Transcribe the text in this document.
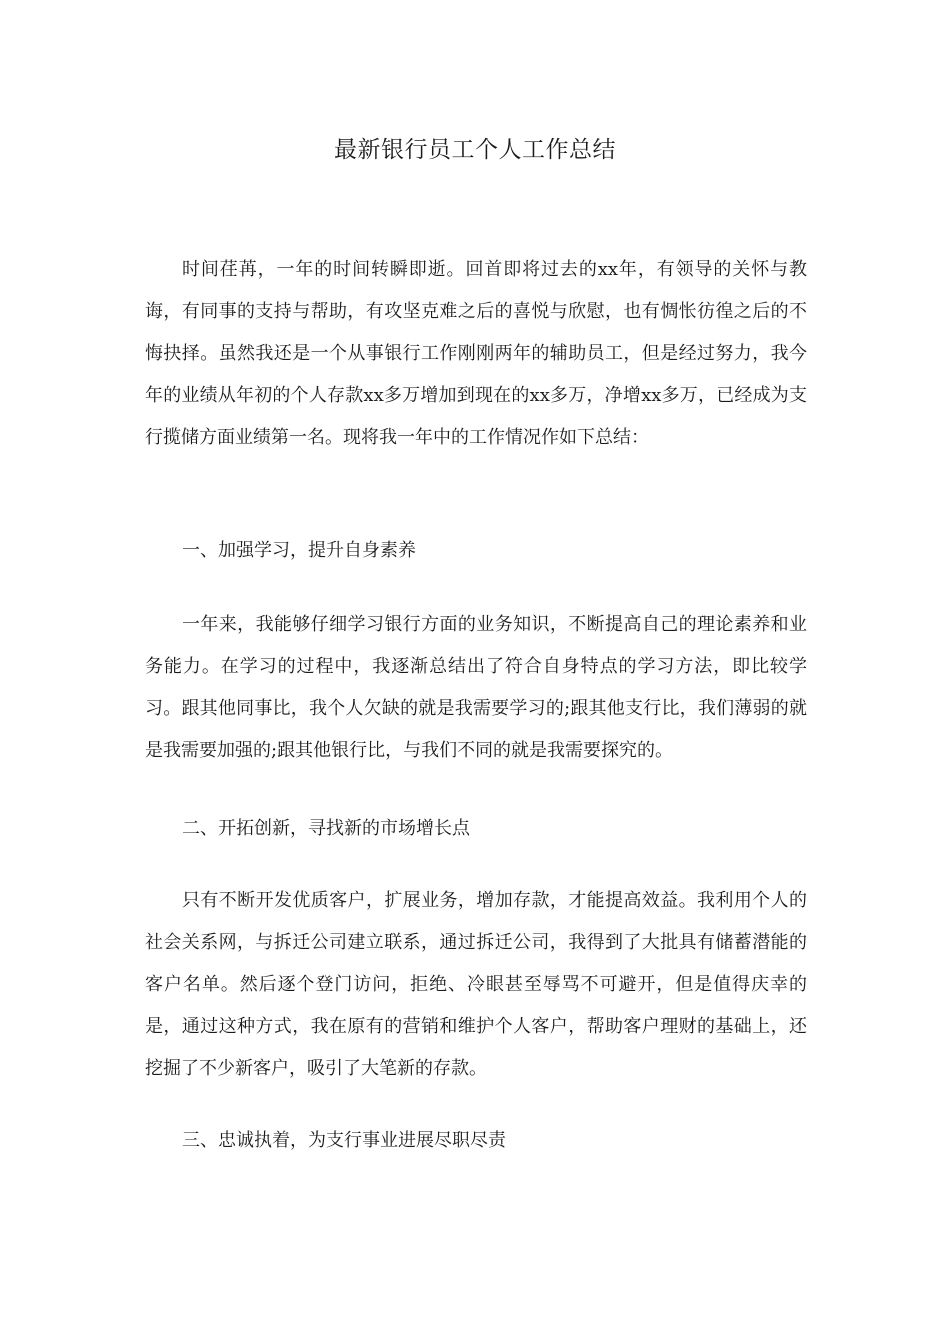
最新银行员工个人工作总结

时间荏苒，一年的时间转瞬即逝。回首即将过去的xx年，有领导的关怀与教诲，有同事的支持与帮助，有攻坚克难之后的喜悦与欣慰，也有惆怅彷徨之后的不悔抉择。虽然我还是一个从事银行工作刚刚两年的辅助员工，但是经过努力，我今年的业绩从年初的个人存款xx多万增加到现在的xx多万，净增xx多万，已经成为支行揽储方面业绩第一名。现将我一年中的工作情况作如下总结：

一、加强学习，提升自身素养

一年来，我能够仔细学习银行方面的业务知识，不断提高自己的理论素养和业务能力。在学习的过程中，我逐渐总结出了符合自身特点的学习方法，即比较学习。跟其他同事比，我个人欠缺的就是我需要学习的;跟其他支行比，我们薄弱的就是我需要加强的;跟其他银行比，与我们不同的就是我需要探究的。

二、开拓创新，寻找新的市场增长点

只有不断开发优质客户，扩展业务，增加存款，才能提高效益。我利用个人的社会关系网，与拆迁公司建立联系，通过拆迁公司，我得到了大批具有储蓄潜能的客户名单。然后逐个登门访问，拒绝、冷眼甚至辱骂不可避开，但是值得庆幸的是，通过这种方式，我在原有的营销和维护个人客户，帮助客户理财的基础上，还挖掘了不少新客户，吸引了大笔新的存款。

三、忠诚执着，为支行事业进展尽职尽责
